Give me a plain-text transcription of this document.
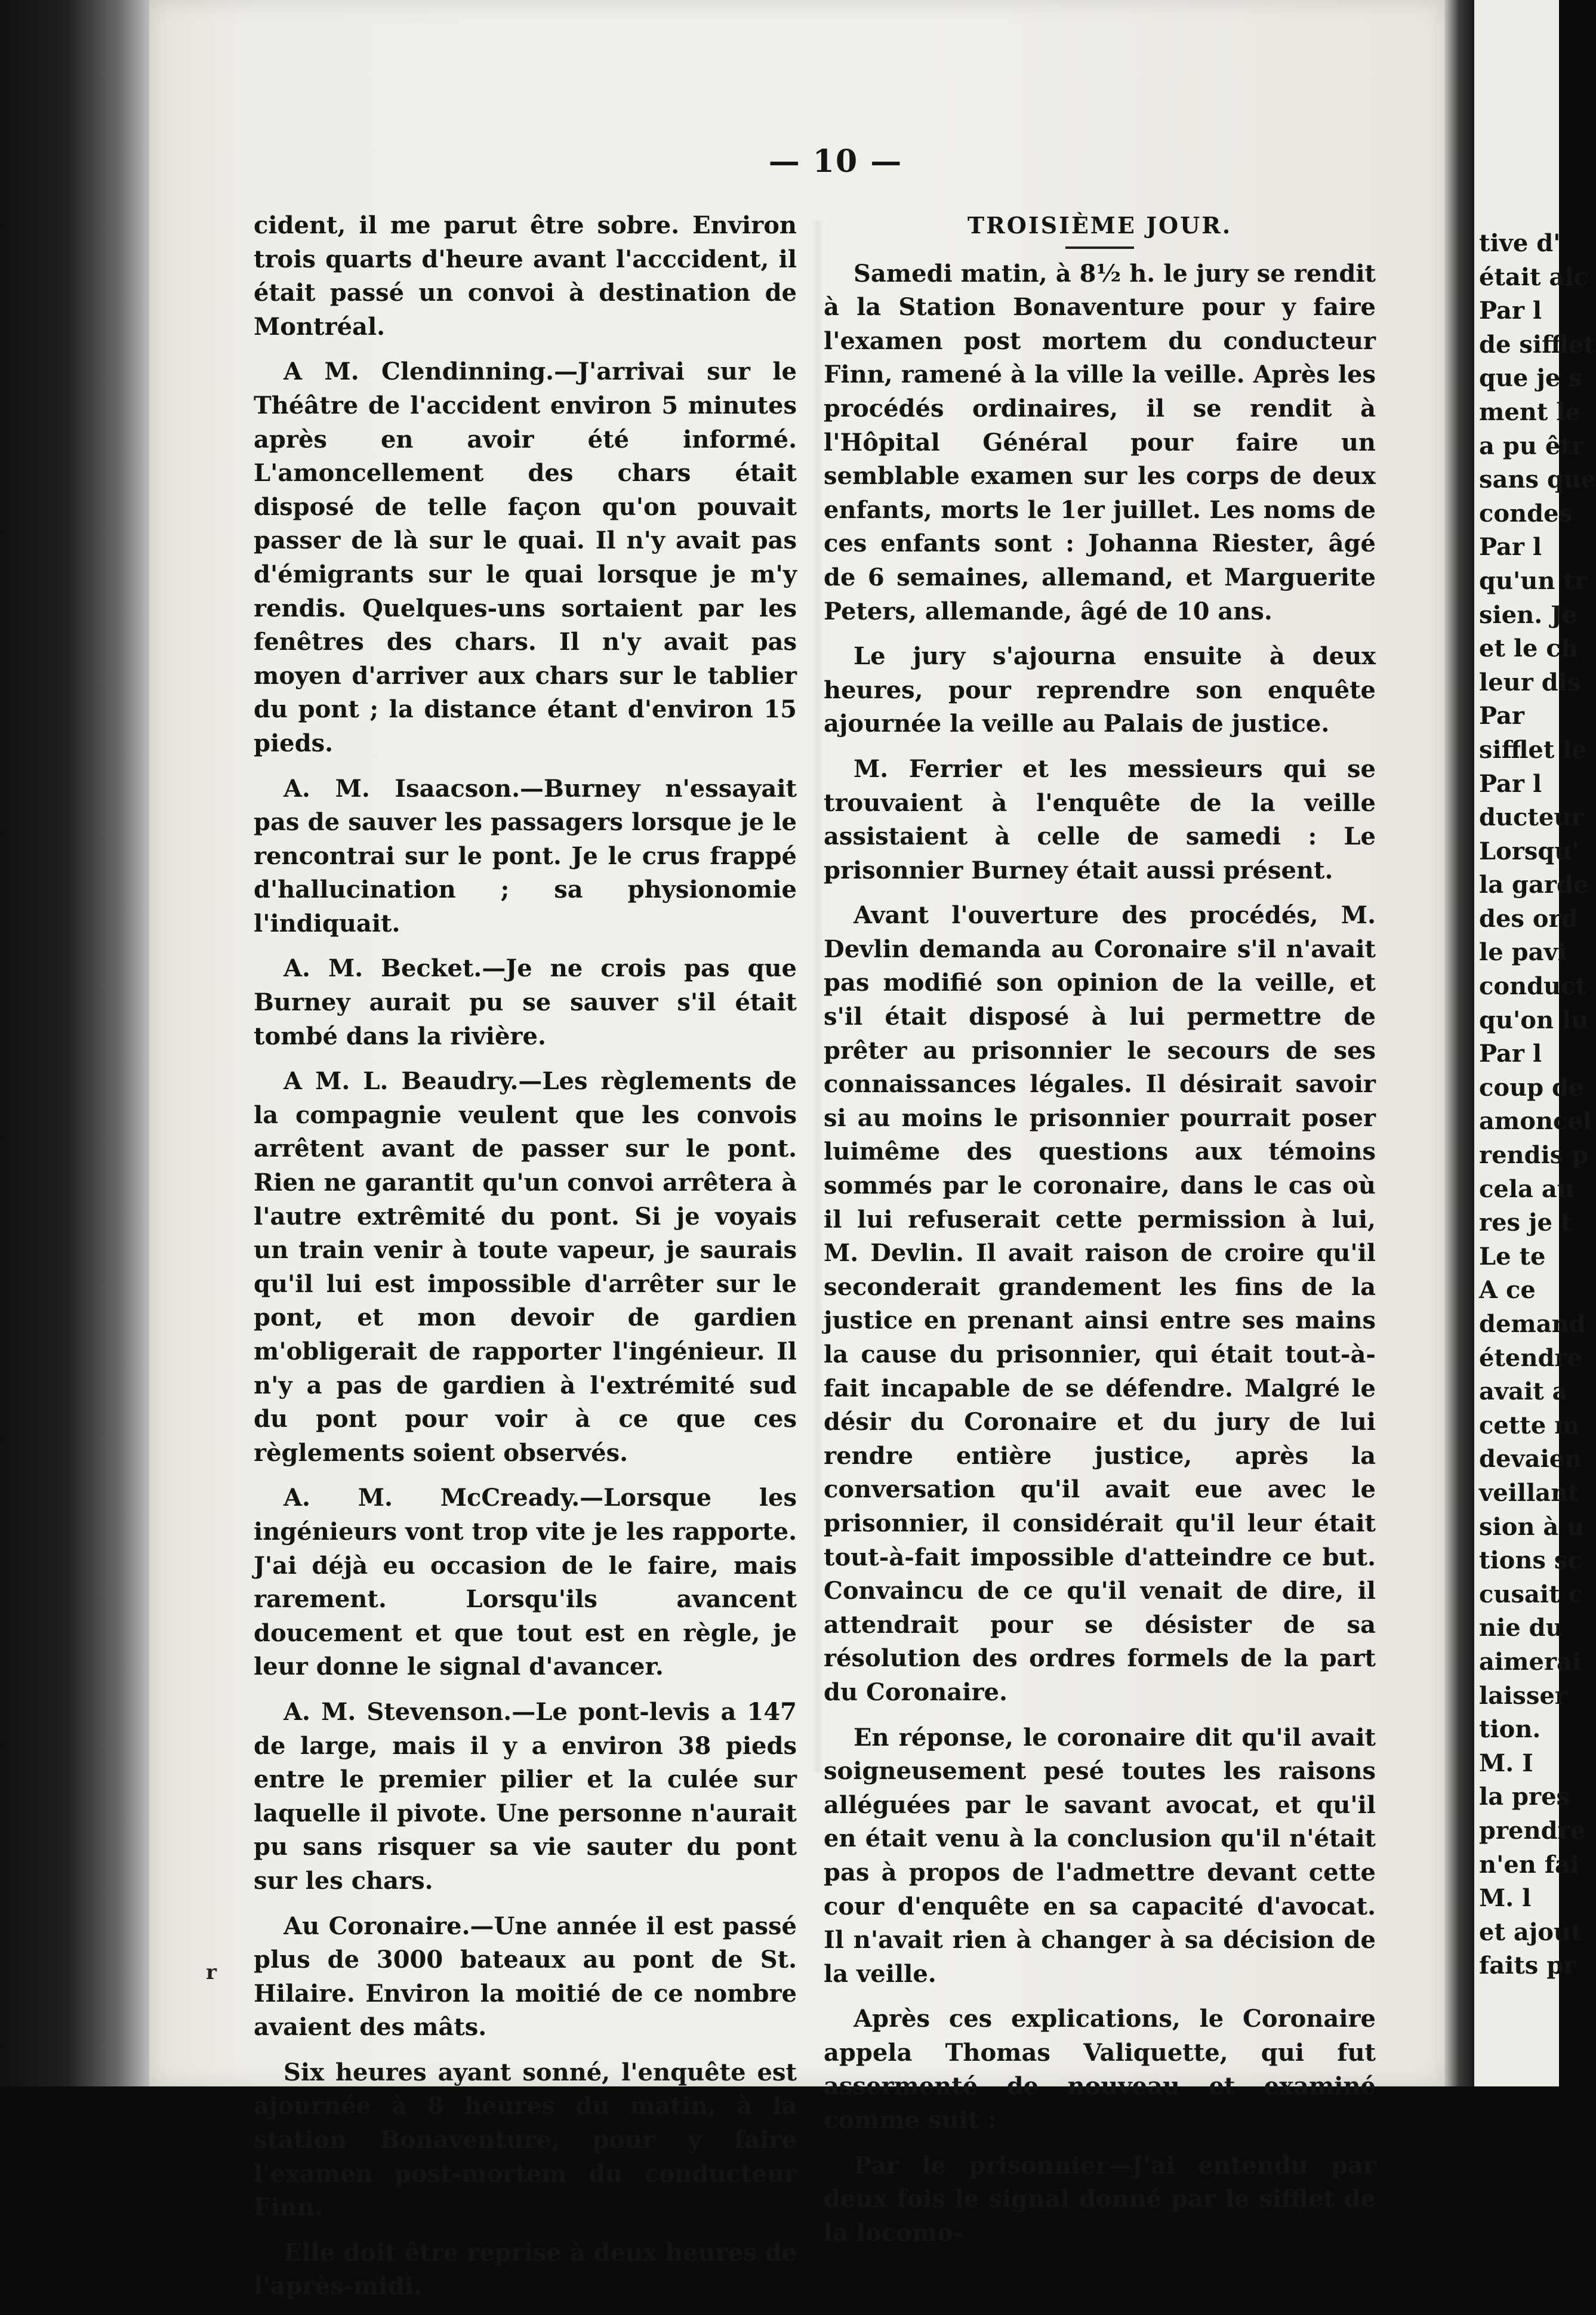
— 10 —

cident, il me parut être sobre. Environ trois quarts d'heure avant l'acccident, il était passé un convoi à destination de Montréal.

A M. Clendinning.—J'arrivai sur le Théâtre de l'accident environ 5 minutes après en avoir été informé. L'amoncellement des chars était disposé de telle façon qu'on pouvait passer de là sur le quai. Il n'y avait pas d'émigrants sur le quai lorsque je m'y rendis. Quelques-uns sortaient par les fenêtres des chars. Il n'y avait pas moyen d'arriver aux chars sur le tablier du pont ; la distance étant d'environ 15 pieds.

A. M. Isaacson.—Burney n'essayait pas de sauver les passagers lorsque je le rencontrai sur le pont. Je le crus frappé d'hallucination ; sa physionomie l'indiquait.

A. M. Becket.—Je ne crois pas que Burney aurait pu se sauver s'il était tombé dans la rivière.

A M. L. Beaudry.—Les règlements de la compagnie veulent que les convois arrêtent avant de passer sur le pont. Rien ne garantit qu'un convoi arrêtera à l'autre extrêmité du pont. Si je voyais un train venir à toute vapeur, je saurais qu'il lui est impossible d'arrêter sur le pont, et mon devoir de gardien m'obligerait de rapporter l'ingénieur. Il n'y a pas de gardien à l'extrémité sud du pont pour voir à ce que ces règlements soient observés.

A. M. McCready.—Lorsque les ingénieurs vont trop vite je les rapporte. J'ai déjà eu occasion de le faire, mais rarement. Lorsqu'ils avancent doucement et que tout est en règle, je leur donne le signal d'avancer.

A. M. Stevenson.—Le pont-levis a 147 de large, mais il y a environ 38 pieds entre le premier pilier et la culée sur laquelle il pivote. Une personne n'aurait pu sans risquer sa vie sauter du pont sur les chars.

Au Coronaire.—Une année il est passé plus de 3000 bateaux au pont de St. Hilaire. Environ la moitié de ce nombre avaient des mâts.

Six heures ayant sonné, l'enquête est ajournée à 8 heures du matin, à la station Bonaventure, pour y faire l'examen post-mortem du conducteur Finn.

Elle doit être reprise à deux heures de l'après-midi.

TROISIÈME JOUR.

Samedi matin, à 8½ h. le jury se rendit à la Station Bonaventure pour y faire l'examen post mortem du conducteur Finn, ramené à la ville la veille. Après les procédés ordinaires, il se rendit à l'Hôpital Général pour faire un semblable examen sur les corps de deux enfants, morts le 1er juillet. Les noms de ces enfants sont : Johanna Riester, âgé de 6 semaines, allemand, et Marguerite Peters, allemande, âgé de 10 ans.

Le jury s'ajourna ensuite à deux heures, pour reprendre son enquête ajournée la veille au Palais de justice.

M. Ferrier et les messieurs qui se trouvaient à l'enquête de la veille assistaient à celle de samedi : Le prisonnier Burney était aussi présent.

Avant l'ouverture des procédés, M. Devlin demanda au Coronaire s'il n'avait pas modifié son opinion de la veille, et s'il était disposé à lui permettre de prêter au prisonnier le secours de ses connaissances légales. Il désirait savoir si au moins le prisonnier pourrait poser luimême des questions aux témoins sommés par le coronaire, dans le cas où il lui refuserait cette permission à lui, M. Devlin. Il avait raison de croire qu'il seconderait grandement les fins de la justice en prenant ainsi entre ses mains la cause du prisonnier, qui était tout-à-fait incapable de se défendre. Malgré le désir du Coronaire et du jury de lui rendre entière justice, après la conversation qu'il avait eue avec le prisonnier, il considérait qu'il leur était tout-à-fait impossible d'atteindre ce but. Convaincu de ce qu'il venait de dire, il attendrait pour se désister de sa résolution des ordres formels de la part du Coronaire.

En réponse, le coronaire dit qu'il avait soigneusement pesé toutes les raisons alléguées par le savant avocat, et qu'il en était venu à la conclusion qu'il n'était pas à propos de l'admettre devant cette cour d'enquête en sa capacité d'avocat. Il n'avait rien à changer à sa décision de la veille.

Après ces explications, le Coronaire appela Thomas Valiquette, qui fut assermenté de nouveau et examiné comme suit :

Par le prisonnier—J'ai entendu par deux fois le signal donné par le sifflet de la locomo-

tive d'
était alc
Par l
de sifflet
que je s
ment le
a pu êtr
sans que
condes
Par l
qu'un tr
sien. Je
et le ch
leur dis
Par
sifflet le
Par l
ducteur
Lorsqu'
la garde
des ord
le pavi
conduct
qu'on lu
Par l
coup de
amoncel
rendis p
cela au
res je t
Le te
A ce
demand
étendre
avait a
cette m
devaien
veillant
sion à u
tions sc
cusait c
nie du
aimerai
laisser
tion.
M. I
la pres
prendre
n'en fai
M. l
et ajout
faits pr
r
